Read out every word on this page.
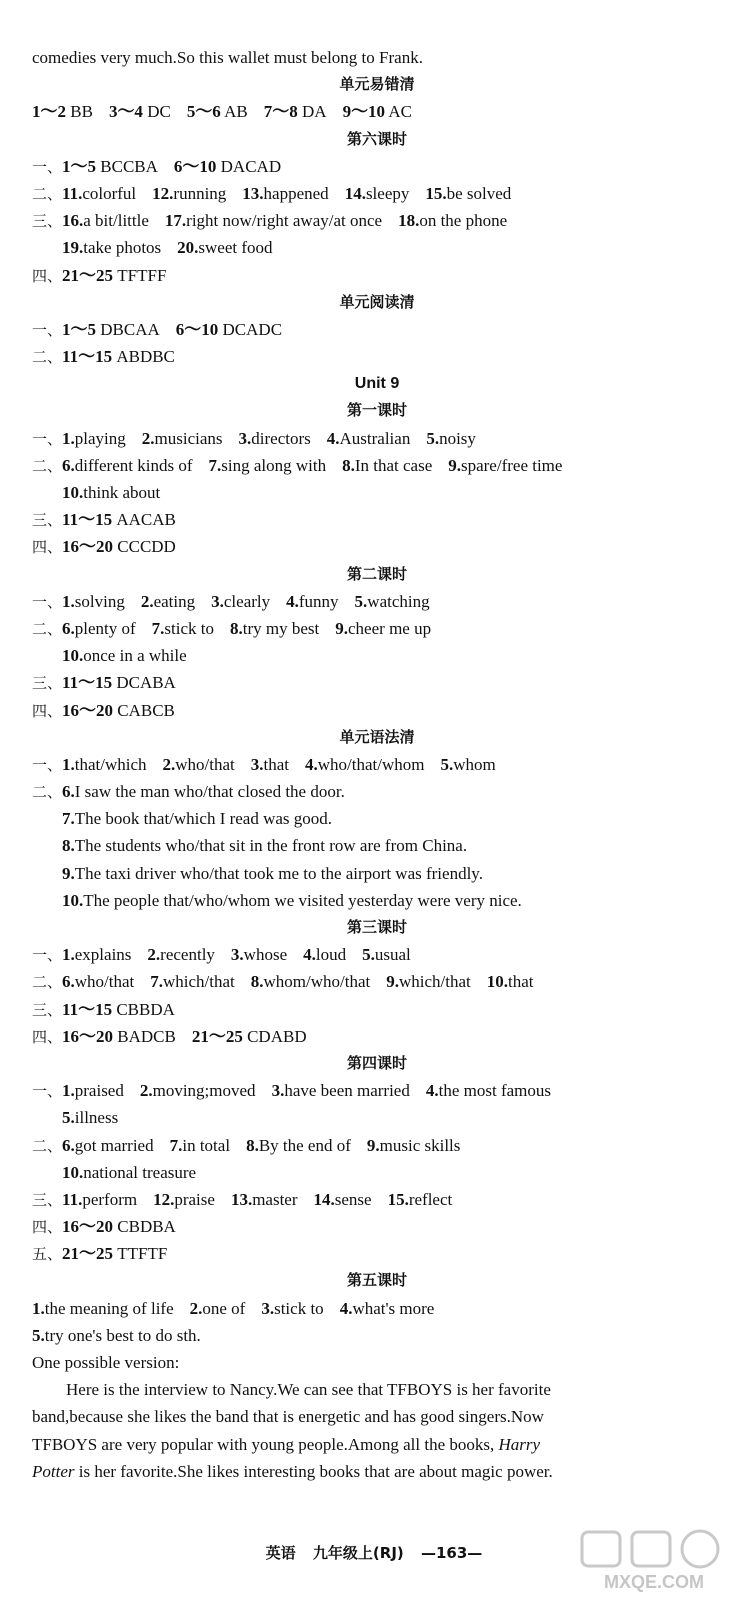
comedies very much.So this wallet must belong to Frank.
单元易错清
1～2 BB 3～4 DC 5～6 AB 7～8 DA 9～10 AC
第六课时
一、1～5 BCCBA 6～10 DACAD
二、11.colorful 12.running 13.happened 14.sleepy 15.be solved
三、16.a bit/little 17.right now/right away/at once 18.on the phone
19.take photos 20.sweet food
四、21～25 TFTFF
单元阅读清
一、1～5 DBCAA 6～10 DCADC
二、11～15 ABDBC
Unit 9
第一课时
一、1.playing 2.musicians 3.directors 4.Australian 5.noisy
二、6.different kinds of 7.sing along with 8.In that case 9.spare/free time
10.think about
三、11～15 AACAB
四、16～20 CCCDD
第二课时
一、1.solving 2.eating 3.clearly 4.funny 5.watching
二、6.plenty of 7.stick to 8.try my best 9.cheer me up
10.once in a while
三、11～15 DCABA
四、16～20 CABCB
单元语法清
一、1.that/which 2.who/that 3.that 4.who/that/whom 5.whom
二、6.I saw the man who/that closed the door.
7.The book that/which I read was good.
8.The students who/that sit in the front row are from China.
9.The taxi driver who/that took me to the airport was friendly.
10.The people that/who/whom we visited yesterday were very nice.
第三课时
一、1.explains 2.recently 3.whose 4.loud 5.usual
二、6.who/that 7.which/that 8.whom/who/that 9.which/that 10.that
三、11～15 CBBDA
四、16～20 BADCB 21～25 CDABD
第四课时
一、1.praised 2.moving;moved 3.have been married 4.the most famous
5.illness
二、6.got married 7.in total 8.By the end of 9.music skills
10.national treasure
三、11.perform 12.praise 13.master 14.sense 15.reflect
四、16～20 CBDBA
五、21～25 TTFTF
第五课时
1.the meaning of life 2.one of 3.stick to 4.what's more
5.try one's best to do sth.
One possible version:
Here is the interview to Nancy.We can see that TFBOYS is her favorite
band,because she likes the band that is energetic and has good singers.Now
TFBOYS are very popular with young people.Among all the books, Harry
Potter is her favorite.She likes interesting books that are about magic power.
英语 九年级上(RJ) —163—
MXQE.COM
